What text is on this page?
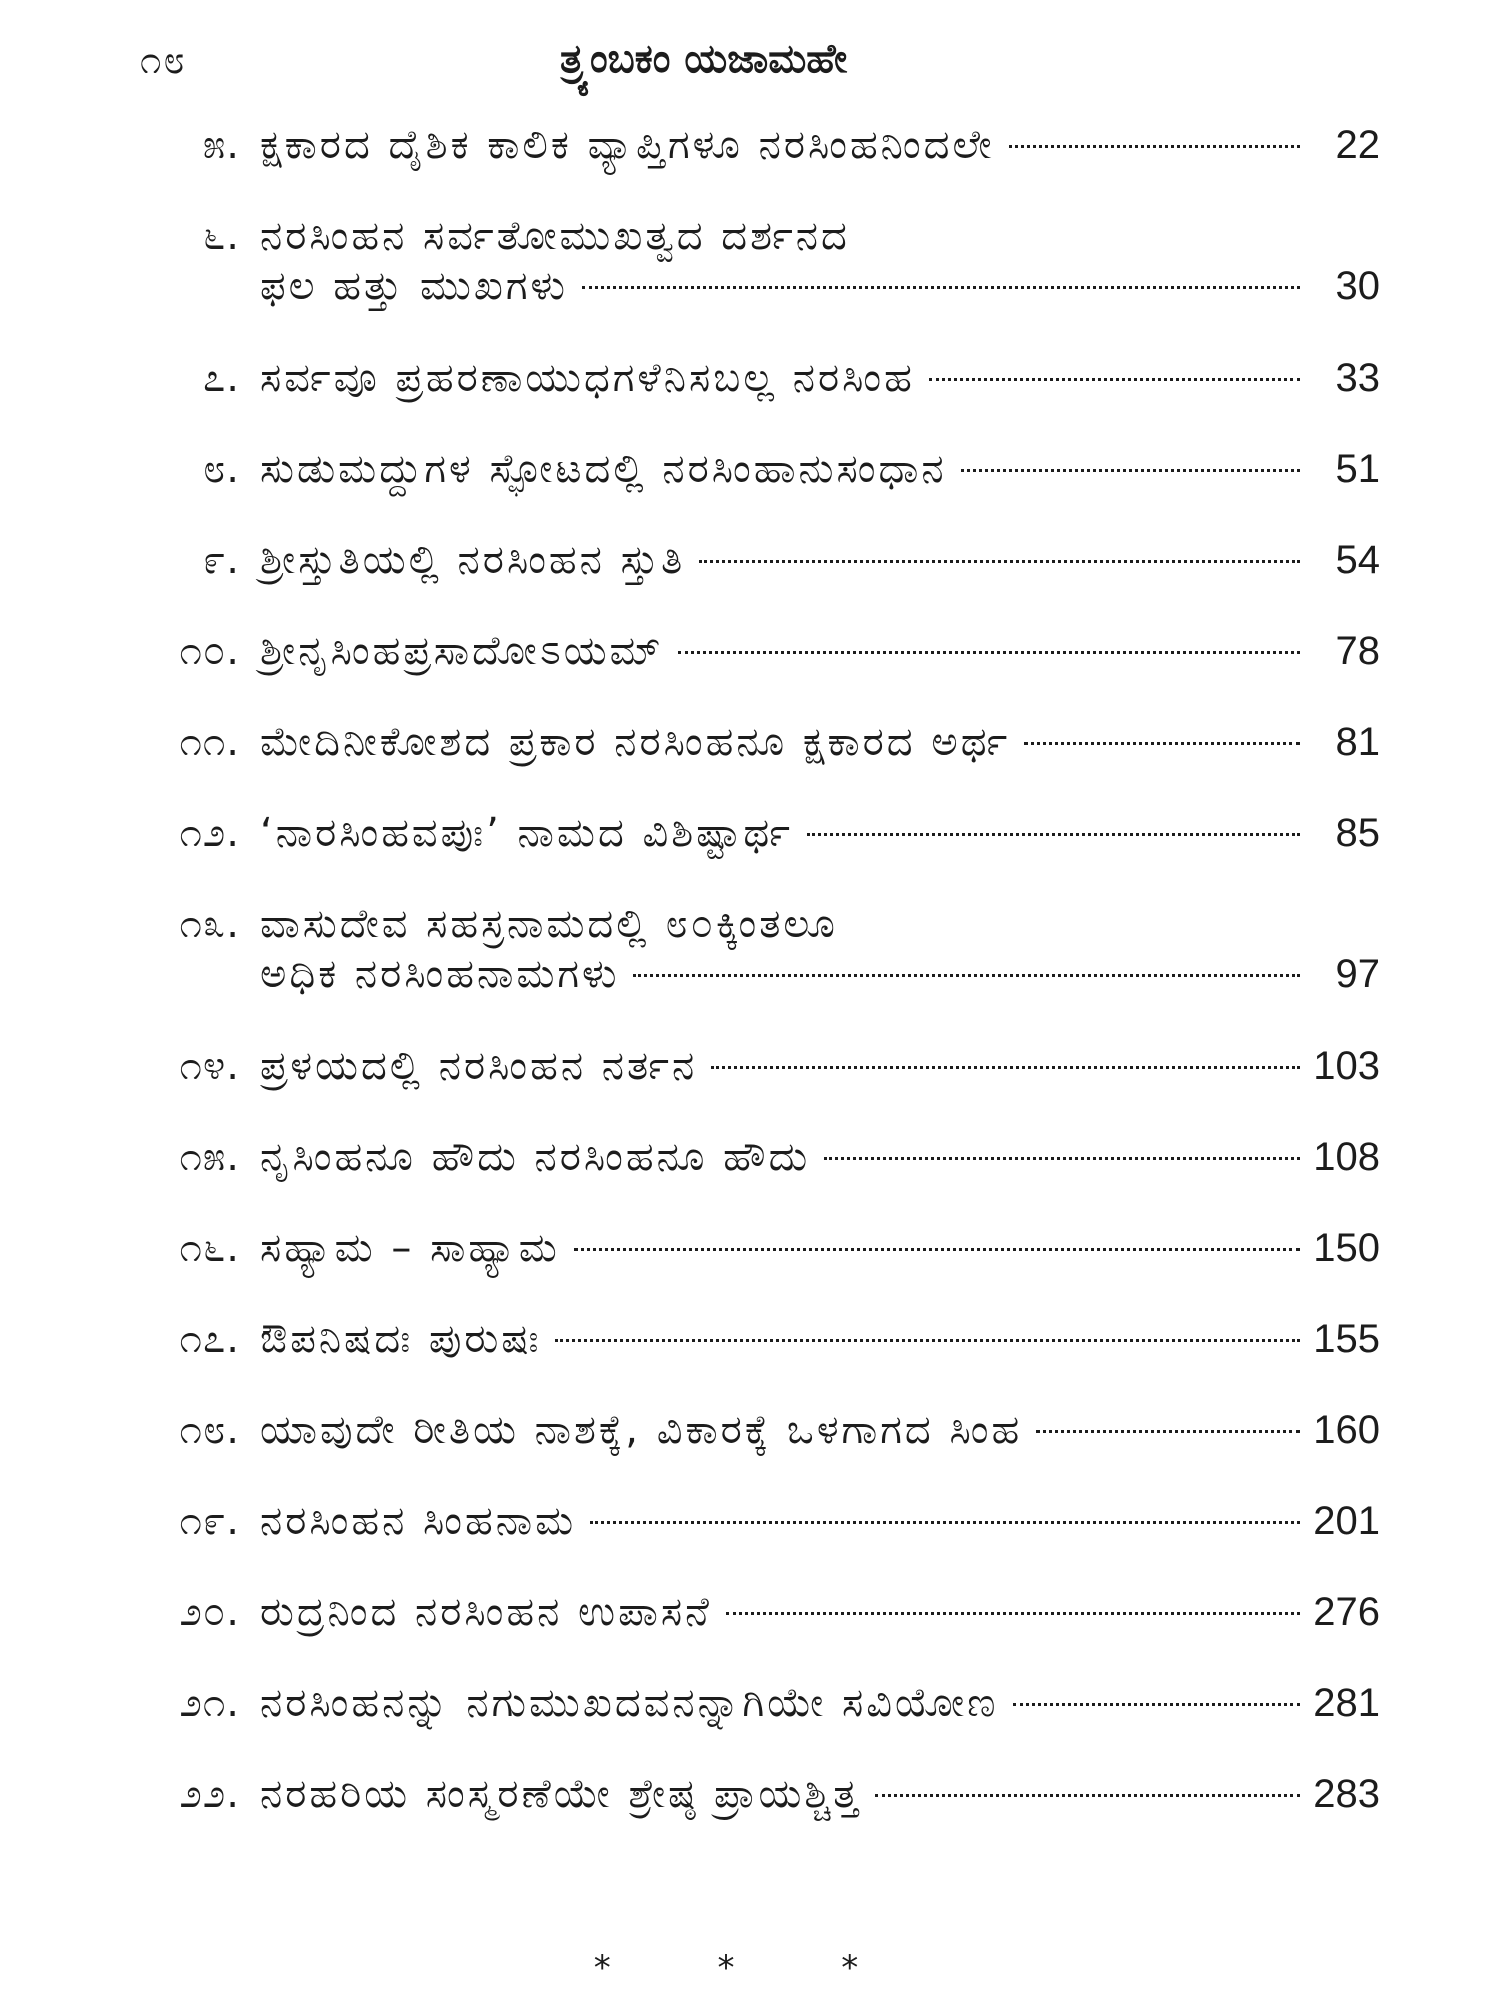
೧೮	ತ್ರ್ಯಂಬಕಂ ಯಜಾಮಹೇ
೫. ಕ್ಷಕಾರದ ದೈಶಿಕ ಕಾಲಿಕ ವ್ಯಾಪ್ತಿಗಳೂ ನರಸಿಂಹನಿಂದಲೇ	22
೬. ನರಸಿಂಹನ ಸರ್ವತೋಮುಖತ್ವದ ದರ್ಶನದ
ಫಲ ಹತ್ತು ಮುಖಗಳು	30
೭. ಸರ್ವವೂ ಪ್ರಹರಣಾಯುಧಗಳೆನಿಸಬಲ್ಲ ನರಸಿಂಹ	33
೮. ಸುಡುಮದ್ದುಗಳ ಸ್ಫೋಟದಲ್ಲಿ ನರಸಿಂಹಾನುಸಂಧಾನ	51
೯. ಶ್ರೀಸ್ತುತಿಯಲ್ಲಿ ನರಸಿಂಹನ ಸ್ತುತಿ	54
೧೦. ಶ್ರೀನೃಸಿಂಹಪ್ರಸಾದೋಽಯಮ್	78
೧೧. ಮೇದಿನೀಕೋಶದ ಪ್ರಕಾರ ನರಸಿಂಹನೂ ಕ್ಷಕಾರದ ಅರ್ಥ	81
೧೨. ‘ನಾರಸಿಂಹವಪುಃ’ ನಾಮದ ವಿಶಿಷ್ಟಾರ್ಥ	85
೧೩. ವಾಸುದೇವ ಸಹಸ್ರನಾಮದಲ್ಲಿ ೮೦ಕ್ಕಿಂತಲೂ
ಅಧಿಕ ನರಸಿಂಹನಾಮಗಳು	97
೧೪. ಪ್ರಳಯದಲ್ಲಿ ನರಸಿಂಹನ ನರ್ತನ	103
೧೫. ನೃಸಿಂಹನೂ ಹೌದು ನರಸಿಂಹನೂ ಹೌದು	108
೧೬. ಸಹ್ಯಾಮ – ಸಾಹ್ಯಾಮ	150
೧೭. ಔಪನಿಷದಃ ಪುರುಷಃ	155
೧೮. ಯಾವುದೇ ರೀತಿಯ ನಾಶಕ್ಕೆ, ವಿಕಾರಕ್ಕೆ ಒಳಗಾಗದ ಸಿಂಹ	160
೧೯. ನರಸಿಂಹನ ಸಿಂಹನಾಮ	201
೨೦. ರುದ್ರನಿಂದ ನರಸಿಂಹನ ಉಪಾಸನೆ	276
೨೧. ನರಸಿಂಹನನ್ನು ನಗುಮುಖದವನನ್ನಾಗಿಯೇ ಸವಿಯೋಣ	281
೨೨. ನರಹರಿಯ ಸಂಸ್ಮರಣೆಯೇ ಶ್ರೇಷ್ಠ ಪ್ರಾಯಶ್ಚಿತ್ತ	283
* * *
